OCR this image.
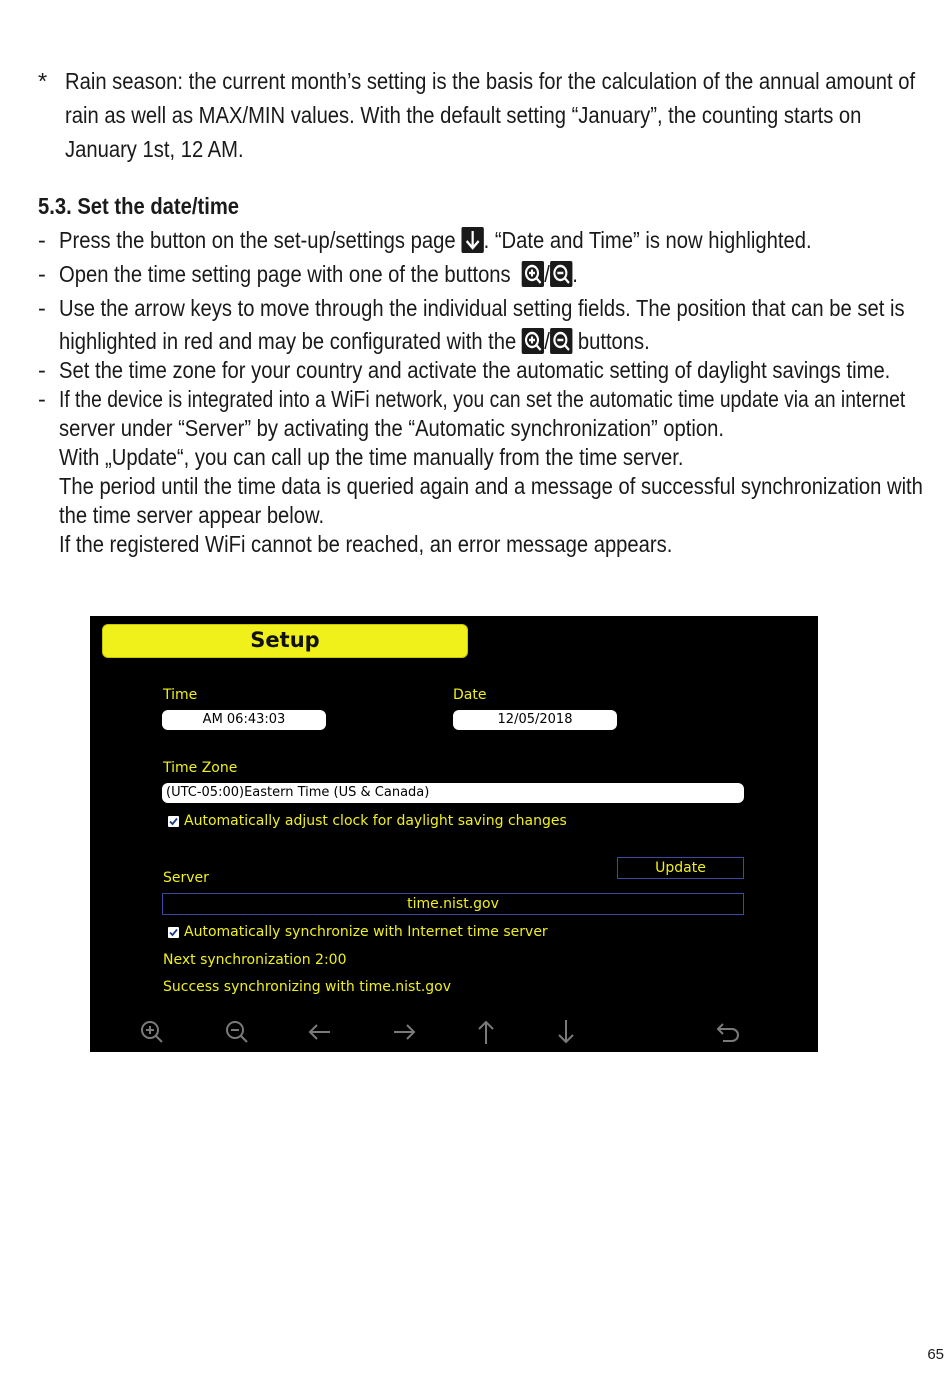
* Rain season: the current month’s setting is the basis for the calculation of the annual amount of
rain as well as MAX/MIN values. With the default setting “January”, the counting starts on
January 1st, 12 AM.
5.3. Set the date/time
- Press the button on the set-up/settings page
. “Date and Time” is now highlighted.
- Open the time setting page with one of the buttons
/ .
- Use the arrow keys to move through the individual setting fields. The position that can be set is
highlighted in red and may be configurated with the
/
buttons.
- Set the time zone for your country and activate the automatic setting of daylight savings time.
- If the device is integrated into a WiFi network, you can set the automatic time update via an internet
server under “Server” by activating the “Automatic synchronization” option.
With „Update“, you can call up the time manually from the time server.
The period until the time data is queried again and a message of successful synchronization with
the time server appear below.
If the registered WiFi cannot be reached, an error message appears.
Setup
Time
AM 06:43:03
Date
12/05/2018
Time Zone
(UTC-05:00)Eastern Time (US & Canada)
Automatically adjust clock for daylight saving changes
Update
Server
time.nist.gov
Automatically synchronize with Internet time server
Next synchronization 2:00
Success synchronizing with time.nist.gov
65
